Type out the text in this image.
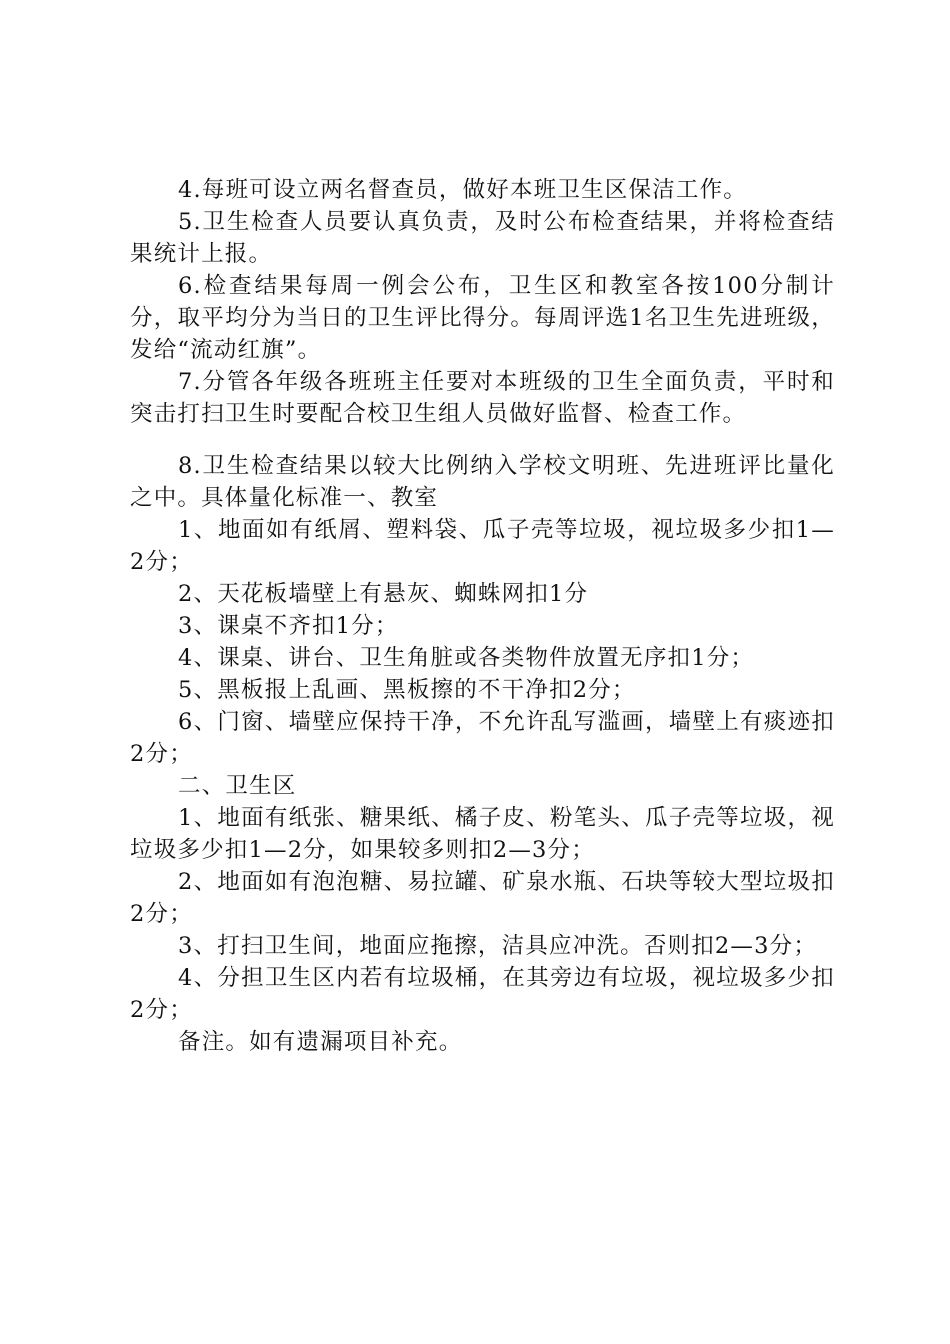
4.每班可设立两名督查员，做好本班卫生区保洁工作。

5.卫生检查人员要认真负责，及时公布检查结果，并将检查结果统计上报。

6.检查结果每周一例会公布，卫生区和教室各按100分制计分，取平均分为当日的卫生评比得分。每周评选1名卫生先进班级，发给“流动红旗”。

7.分管各年级各班班主任要对本班级的卫生全面负责，平时和突击打扫卫生时要配合校卫生组人员做好监督、检查工作。

8.卫生检查结果以较大比例纳入学校文明班、先进班评比量化之中。具体量化标准一、教室

1、地面如有纸屑、塑料袋、瓜子壳等垃圾，视垃圾多少扣1—2分；

2、天花板墙壁上有悬灰、蜘蛛网扣1分

3、课桌不齐扣1分；

4、课桌、讲台、卫生角脏或各类物件放置无序扣1分；

5、黑板报上乱画、黑板擦的不干净扣2分；

6、门窗、墙壁应保持干净，不允许乱写滥画，墙壁上有痰迹扣2分；

二、卫生区

1、地面有纸张、糖果纸、橘子皮、粉笔头、瓜子壳等垃圾，视垃圾多少扣1—2分，如果较多则扣2—3分；

2、地面如有泡泡糖、易拉罐、矿泉水瓶、石块等较大型垃圾扣2分；

3、打扫卫生间，地面应拖擦，洁具应冲洗。否则扣2—3分；

4、分担卫生区内若有垃圾桶，在其旁边有垃圾，视垃圾多少扣2分；

备注。如有遗漏项目补充。
